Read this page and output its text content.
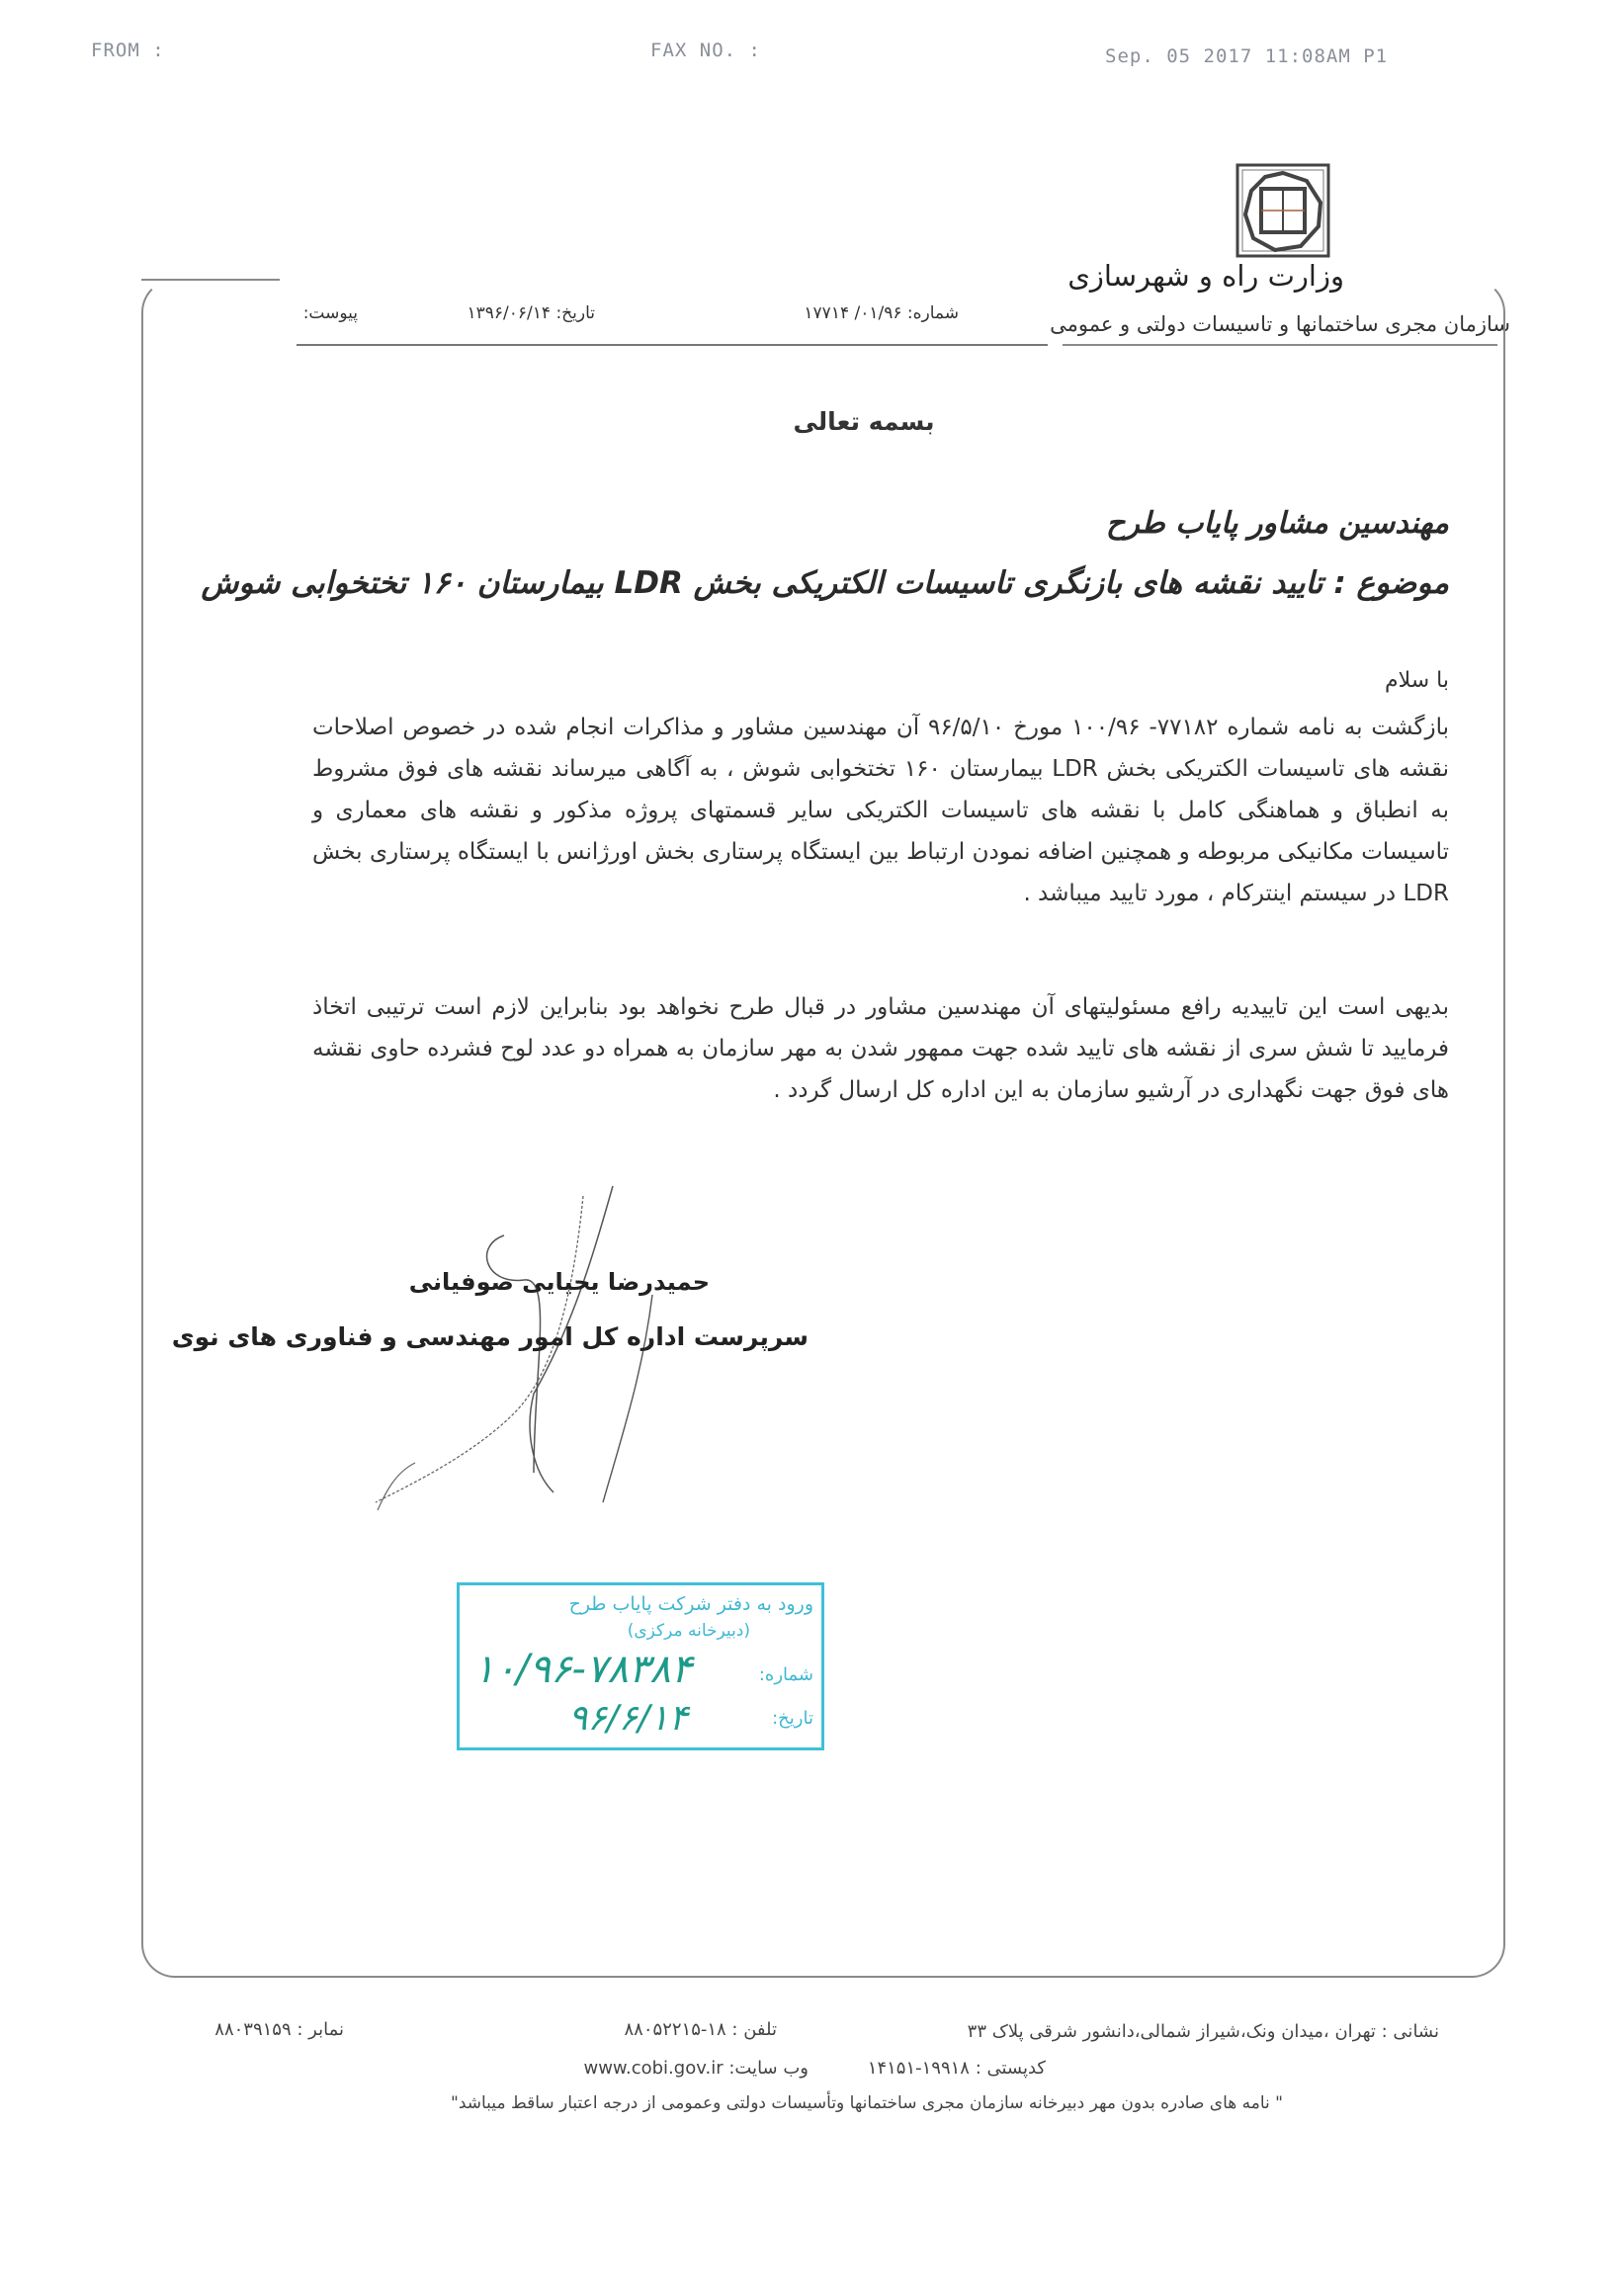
FROM :	FAX NO. :	Sep. 05 2017 11:08AM P1
وزارت راه و شهرسازی
سازمان مجری ساختمانها و تاسیسات دولتی و عمومی
شماره: ۰۱/۹۶/ ۱۷۷۱۴
تاریخ: ۱۳۹۶/۰۶/۱۴
پیوست:
بسمه تعالی
مهندسین مشاور پایاب طرح
موضوع : تایید نقشه های بازنگری تاسیسات الکتریکی بخش LDR بیمارستان ۱۶۰ تختخوابی شوش
با سلام
بازگشت به نامه شماره ۷۷۱۸۲- ۱۰۰/۹۶ مورخ ۹۶/۵/۱۰ آن مهندسین مشاور و مذاکرات انجام شده در خصوص اصلاحات نقشه های تاسیسات الکتریکی بخش LDR بیمارستان ۱۶۰ تختخوابی شوش ، به آگاهی میرساند نقشه های فوق مشروط به انطباق و هماهنگی کامل با نقشه های تاسیسات الکتریکی سایر قسمتهای پروژه مذکور و نقشه های معماری و تاسیسات مکانیکی مربوطه و همچنین اضافه نمودن ارتباط بین ایستگاه پرستاری بخش اورژانس با ایستگاه پرستاری بخش LDR در سیستم اینترکام ، مورد تایید میباشد .
بدیهی است این تاییدیه رافع مسئولیتهای آن مهندسین مشاور در قبال طرح نخواهد بود بنابراین لازم است ترتیبی اتخاذ فرمایید تا شش سری از نقشه های تایید شده جهت ممهور شدن به مهر سازمان به همراه دو عدد لوح فشرده حاوی نقشه های فوق جهت نگهداری در آرشیو سازمان به این اداره کل ارسال گردد .
حمیدرضا یحیایی صوفیانی
سرپرست اداره کل امور مهندسی و فناوری های نوی
ورود به دفتر شرکت پایاب طرح
(دبیرخانه مرکزی)
شماره:
۱۰/۹۶-۷۸۳۸۴
تاریخ:
۹۶/۶/۱۴
نشانی : تهران ،میدان ونک،شیراز شمالی،دانشور شرقی پلاک ۳۳
تلفن : ۱۸-۸۸۰۵۲۲۱۵
نمابر : ۸۸۰۳۹۱۵۹
کدپستی : ۱۹۹۱۸-۱۴۱۵۱
وب سایت: www.cobi.gov.ir
" نامه های صادره بدون مهر دبیرخانه سازمان مجری ساختمانها وتأسیسات دولتی وعمومی از درجه اعتبار ساقط میباشد"
